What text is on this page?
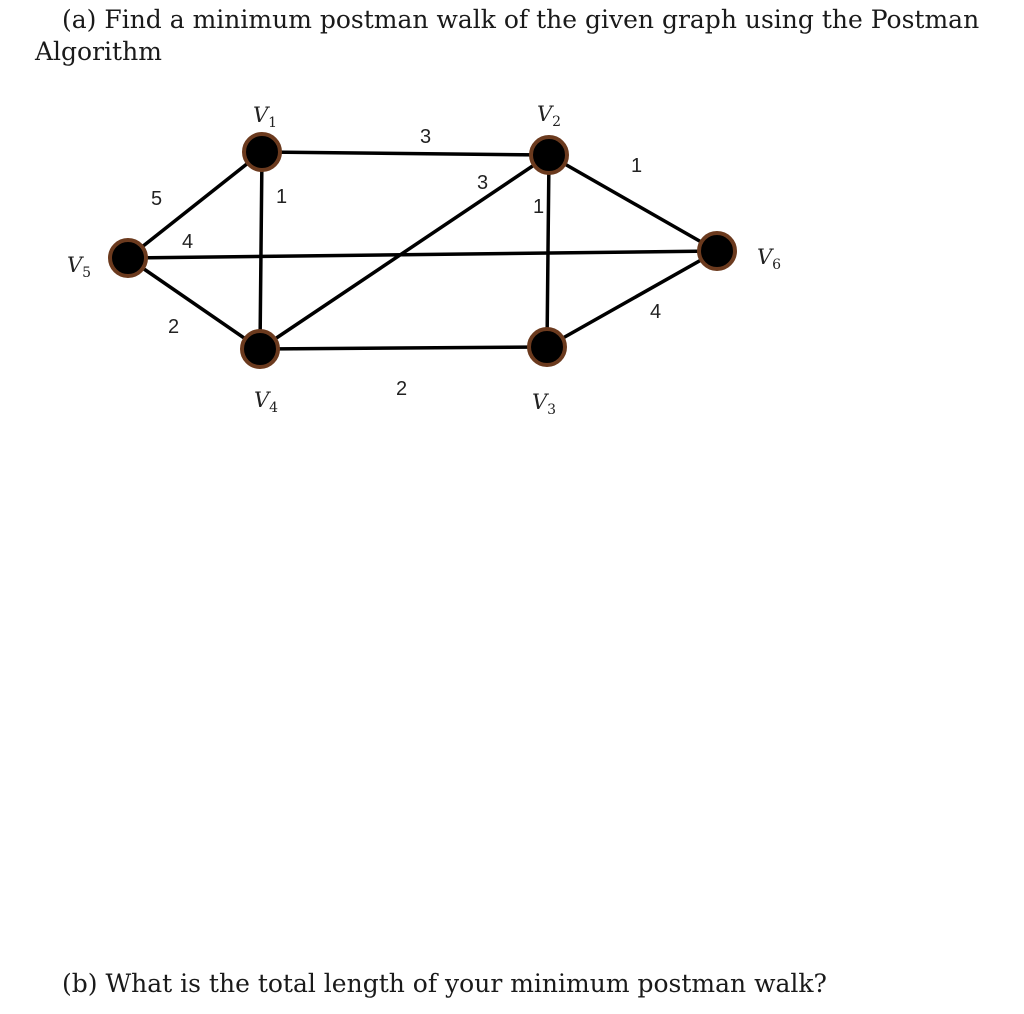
(a) Find a minimum postman walk of the given graph using the Postman

Algorithm

3
1
5	1
3
1
4
2
2
4
$V_1$	$V_2$
$V_3$
$V_4$
$V_5$
$V_6$

(b) What is the total length of your minimum postman walk?
